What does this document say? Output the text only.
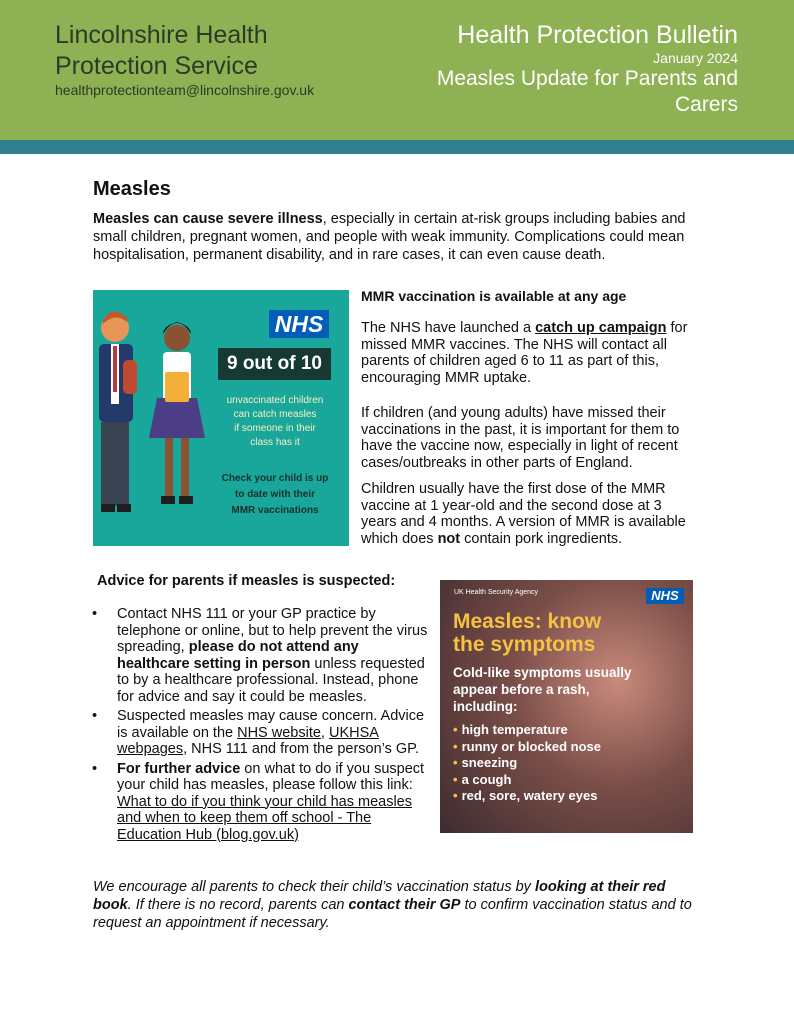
Lincolnshire Health
Protection Service
healthprotectionteam@lincolnshire.gov.uk
Health Protection Bulletin
January 2024
Measles Update for Parents and
Carers
Measles

Measles can cause severe illness, especially in certain at-risk groups including babies and small children, pregnant women, and people with weak immunity. Complications could mean hospitalisation, permanent disability, and in rare cases, it can even cause death.

NHS
9 out of 10
unvaccinated children
can catch measles
if someone in their
class has it
Check your child is up
to date with their
MMR vaccinations
MMR vaccination is available at any age

The NHS have launched a catch up campaign for missed MMR vaccines. The NHS will contact all parents of children aged 6 to 11 as part of this, encouraging MMR uptake.

If children (and young adults) have missed their vaccinations in the past, it is important for them to have the vaccine now, especially in light of recent cases/outbreaks in other parts of England.

Children usually have the first dose of the MMR vaccine at 1 year-old and the second dose at 3 years and 4 months. A version of MMR is available which does not contain pork ingredients.

Advice for parents if measles is suspected:
• Contact NHS 111 or your GP practice by telephone or online, but to help prevent the virus spreading, please do not attend any healthcare setting in person unless requested to by a healthcare professional. Instead, phone for advice and say it could be measles.
• Suspected measles may cause concern. Advice is available on the NHS website, UKHSA webpages, NHS 111 and from the person’s GP.
• For further advice on what to do if you suspect your child has measles, please follow this link: What to do if you think your child has measles and when to keep them off school - The Education Hub (blog.gov.uk)
UK Health Security Agency	NHS
Measles: know
the symptoms
Cold-like symptoms usually appear before a rash, including:
• high temperature
• runny or blocked nose
• sneezing
• a cough
• red, sore, watery eyes

We encourage all parents to check their child’s vaccination status by looking at their red book. If there is no record, parents can contact their GP to confirm vaccination status and to request an appointment if necessary.
